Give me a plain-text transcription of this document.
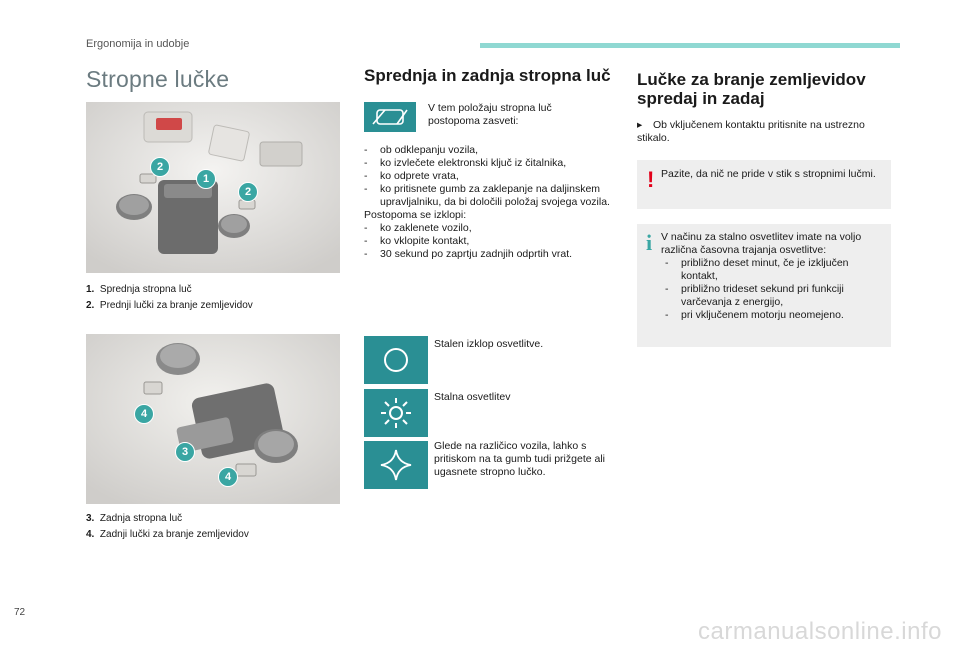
Ergonomija in udobje
Stropne lučke
2
1
2
1. Sprednja stropna luč
2. Prednji lučki za branje zemljevidov
4
3
4
3. Zadnja stropna luč
4. Zadnji lučki za branje zemljevidov
Sprednja in zadnja stropna luč
V tem položaju stropna luč postopoma zasveti:
- ob odklepanju vozila,
- ko izvlečete elektronski ključ iz čitalnika,
- ko odprete vrata,
- ko pritisnete gumb za zaklepanje na daljinskem upravljalniku, da bi določili položaj svojega vozila.
Postopoma se izklopi:
- ko zaklenete vozilo,
- ko vklopite kontakt,
- 30 sekund po zaprtju zadnjih odprtih vrat.
Stalen izklop osvetlitve.
Stalna osvetlitev
Glede na različico vozila, lahko s pritiskom na ta gumb tudi prižgete ali ugasnete stropno lučko.
Lučke za branje zemljevidov spredaj in zadaj
▸ Ob vključenem kontaktu pritisnite na ustrezno stikalo.
! Pazite, da nič ne pride v stik s stropnimi lučmi.
i V načinu za stalno osvetlitev imate na voljo različna časovna trajanja osvetlitve:
- približno deset minut, če je izključen kontakt,
- približno trideset sekund pri funkciji varčevanja z energijo,
- pri vključenem motorju neomejeno.
72
carmanualsonline.info
